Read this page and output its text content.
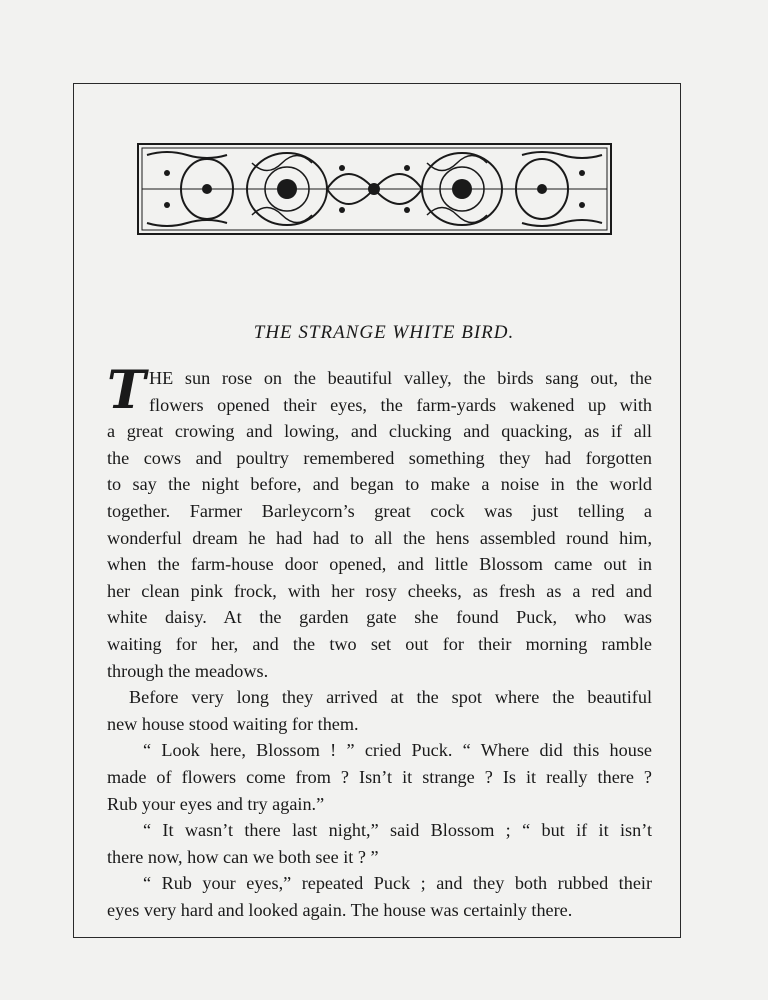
THE STRANGE WHITE BIRD.

T HE sun rose on the beautiful valley, the birds sang out, the
flowers opened their eyes, the farm-yards wakened up with
a great crowing and lowing, and clucking and quacking, as if all
the cows and poultry remembered something they had forgotten
to say the night before, and began to make a noise in the world
together. Farmer Barleycorn’s great cock was just telling a
wonderful dream he had had to all the hens assembled round him,
when the farm-house door opened, and little Blossom came out in
her clean pink frock, with her rosy cheeks, as fresh as a red and
white daisy. At the garden gate she found Puck, who was
waiting for her, and the two set out for their morning ramble
through the meadows.

Before very long they arrived at the spot where the beautiful
new house stood waiting for them.

“ Look here, Blossom ! ” cried Puck. “ Where did this house
made of flowers come from ? Isn’t it strange ? Is it really there ?
Rub your eyes and try again.”

“ It wasn’t there last night,” said Blossom ; “ but if it isn’t
there now, how can we both see it ? ”

“ Rub your eyes,” repeated Puck ; and they both rubbed their
eyes very hard and looked again. The house was certainly there.
